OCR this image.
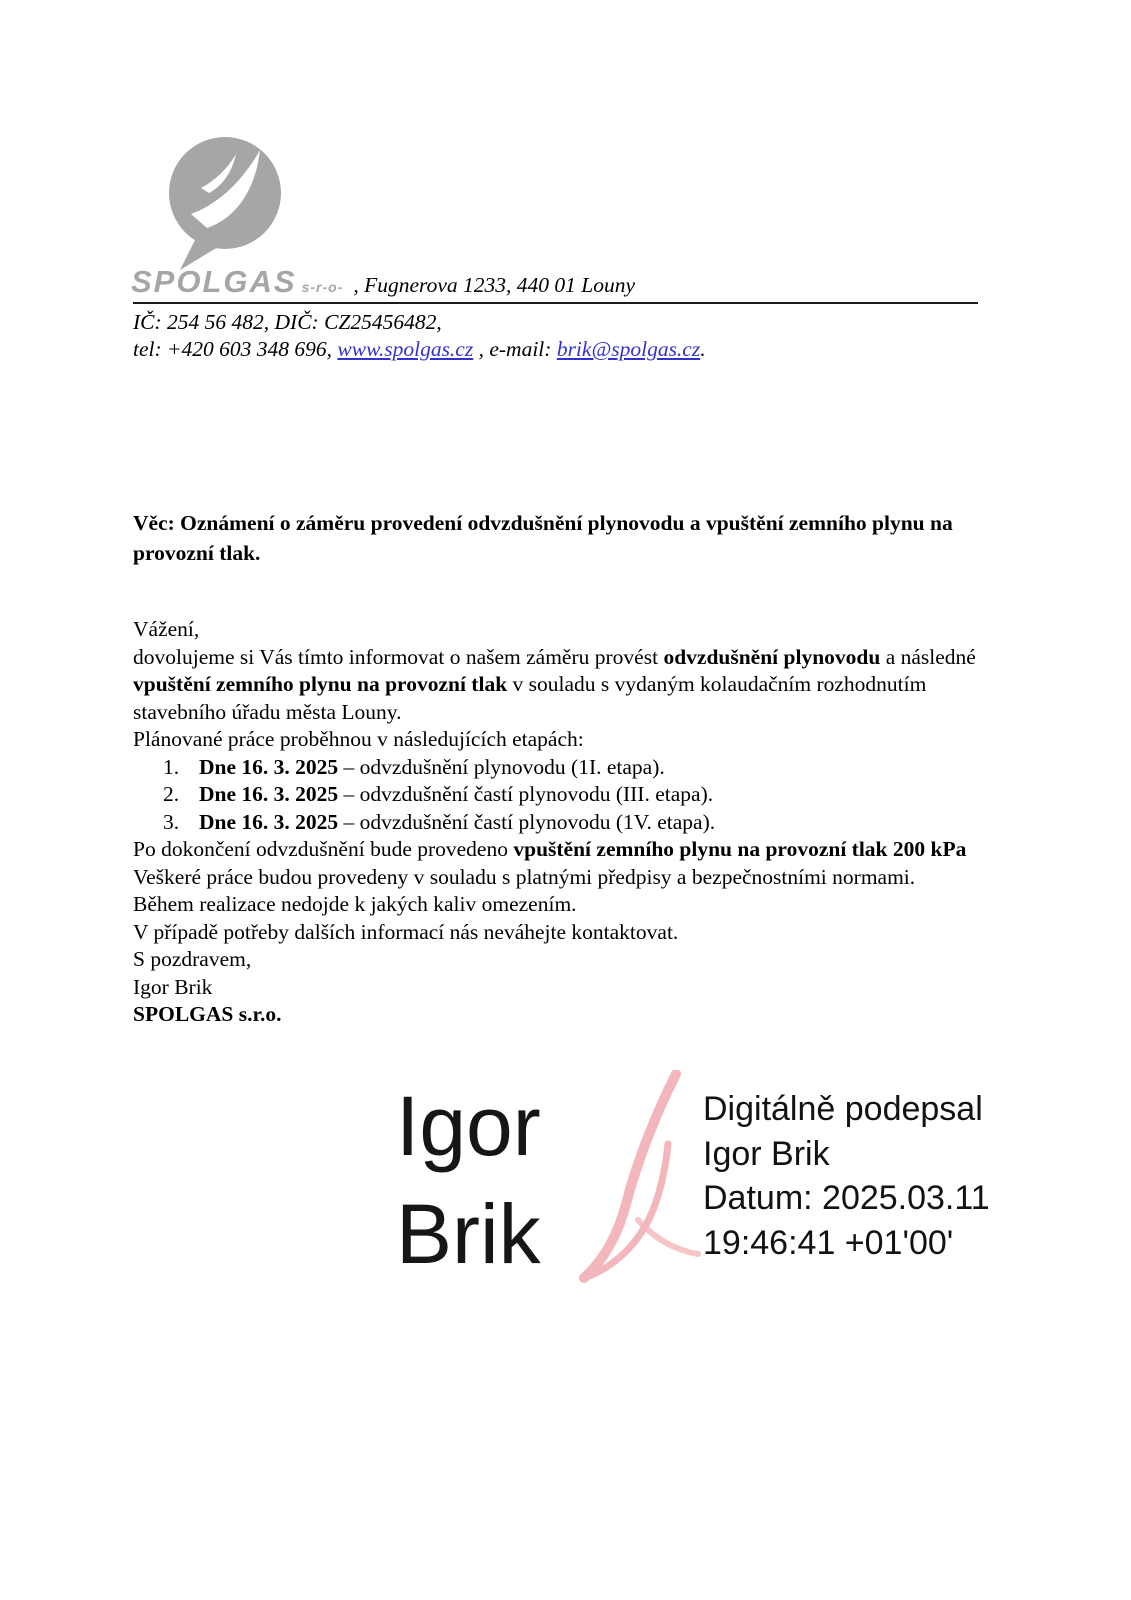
SPOLGAS s-r-o- , Fugnerova 1233, 440 01 Louny
IČ: 254 56 482, DIČ: CZ25456482,
tel: +420 603 348 696, www.spolgas.cz , e-mail: brik@spolgas.cz.
Věc: Oznámení o záměru provedení odvzdušnění plynovodu a vpuštění zemního plynu na provozní tlak.

Vážení,

dovolujeme si Vás tímto informovat o našem záměru provést odvzdušnění plynovodu a následné vpuštění zemního plynu na provozní tlak v souladu s vydaným kolaudačním rozhodnutím stavebního úřadu města Louny.

Plánované práce proběhnou v následujících etapách:

1. Dne 16. 3. 2025 – odvzdušnění plynovodu (1I. etapa).
2. Dne 16. 3. 2025 – odvzdušnění častí plynovodu (III. etapa).
3. Dne 16. 3. 2025 – odvzdušnění častí plynovodu (1V. etapa).

Po dokončení odvzdušnění bude provedeno vpuštění zemního plynu na provozní tlak 200 kPa

Veškeré práce budou provedeny v souladu s platnými předpisy a bezpečnostními normami.

Během realizace nedojde k jakých kaliv omezením.

V případě potřeby dalších informací nás neváhejte kontaktovat.

S pozdravem,

Igor Brik

SPOLGAS s.r.o.

Igor
Brik
Digitálně podepsal
Igor Brik
Datum: 2025.03.11
19:46:41 +01'00'
